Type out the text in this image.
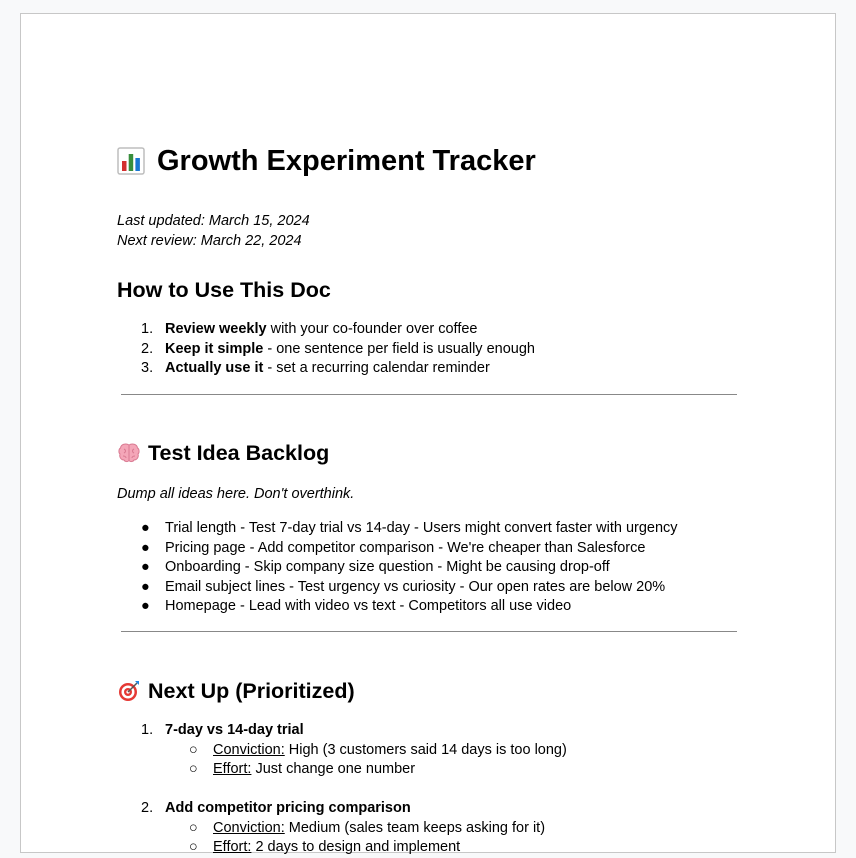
Growth Experiment Tracker
Last updated: March 15, 2024
Next review: March 22, 2024
How to Use This Doc
1. Review weekly with your co-founder over coffee
2. Keep it simple - one sentence per field is usually enough
3. Actually use it - set a recurring calendar reminder
Test Idea Backlog

Dump all ideas here. Don't overthink.

● Trial length - Test 7-day trial vs 14-day - Users might convert faster with urgency
● Pricing page - Add competitor comparison - We're cheaper than Salesforce
● Onboarding - Skip company size question - Might be causing drop-off
● Email subject lines - Test urgency vs curiosity - Our open rates are below 20%
● Homepage - Lead with video vs text - Competitors all use video
Next Up (Prioritized)
1. 7-day vs 14-day trial
○ Conviction: High (3 customers said 14 days is too long)
○ Effort: Just change one number
2. Add competitor pricing comparison
○ Conviction: Medium (sales team keeps asking for it)
○ Effort: 2 days to design and implement
